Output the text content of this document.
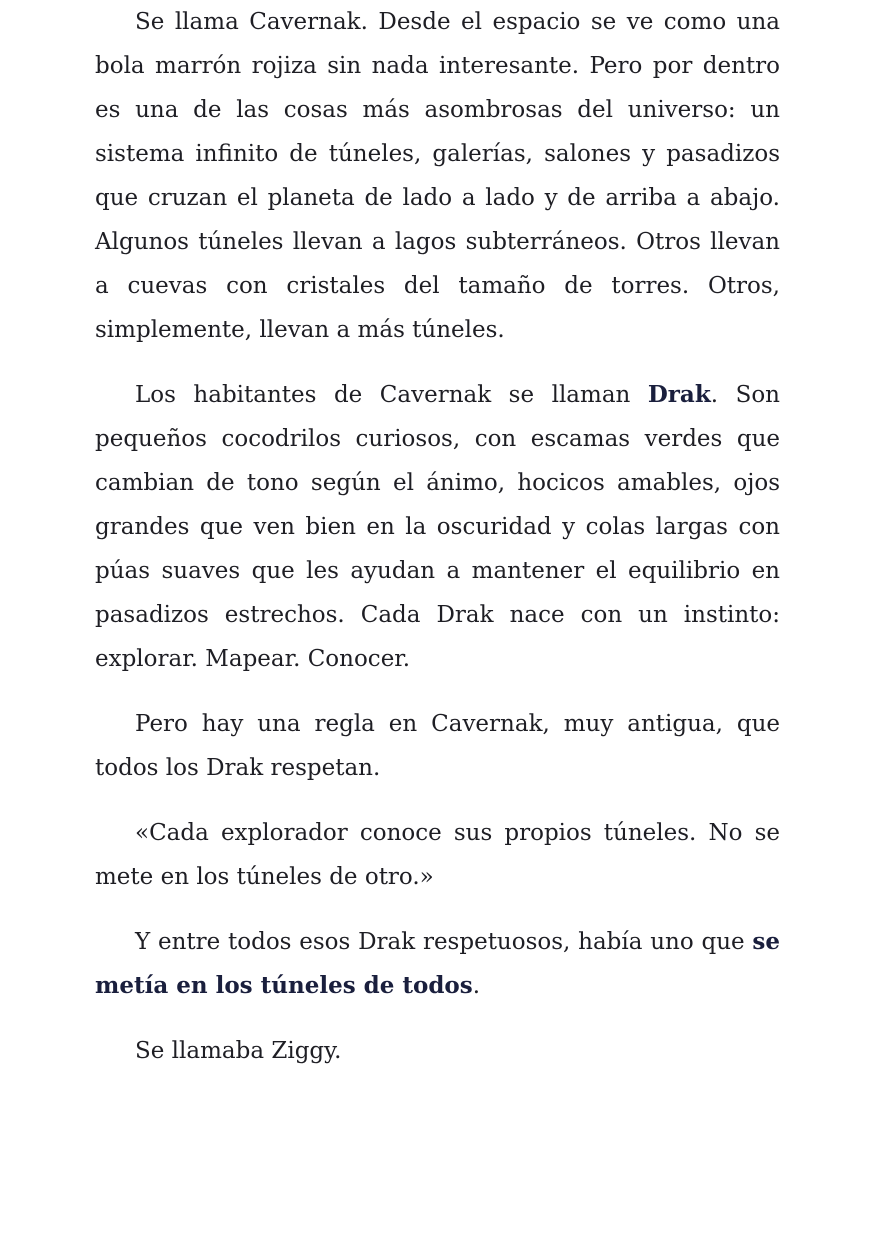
Se llama Cavernak. Desde el espacio se ve como una bola marrón rojiza sin nada interesante. Pero por dentro es una de las cosas más asombrosas del universo: un sistema infinito de túneles, galerías, salones y pasadizos que cruzan el planeta de lado a lado y de arriba a abajo. Algunos túneles llevan a lagos subterráneos. Otros llevan a cuevas con cristales del tamaño de torres. Otros, simplemente, llevan a más túneles.

Los habitantes de Cavernak se llaman Drak. Son pequeños cocodrilos curiosos, con escamas verdes que cambian de tono según el ánimo, hocicos amables, ojos grandes que ven bien en la oscuridad y colas largas con púas suaves que les ayudan a mantener el equilibrio en pasadizos estrechos. Cada Drak nace con un instinto: explorar. Mapear. Conocer.

Pero hay una regla en Cavernak, muy antigua, que todos los Drak respetan.

«Cada explorador conoce sus propios túneles. No se mete en los túneles de otro.»

Y entre todos esos Drak respetuosos, había uno que se metía en los túneles de todos.

Se llamaba Ziggy.
